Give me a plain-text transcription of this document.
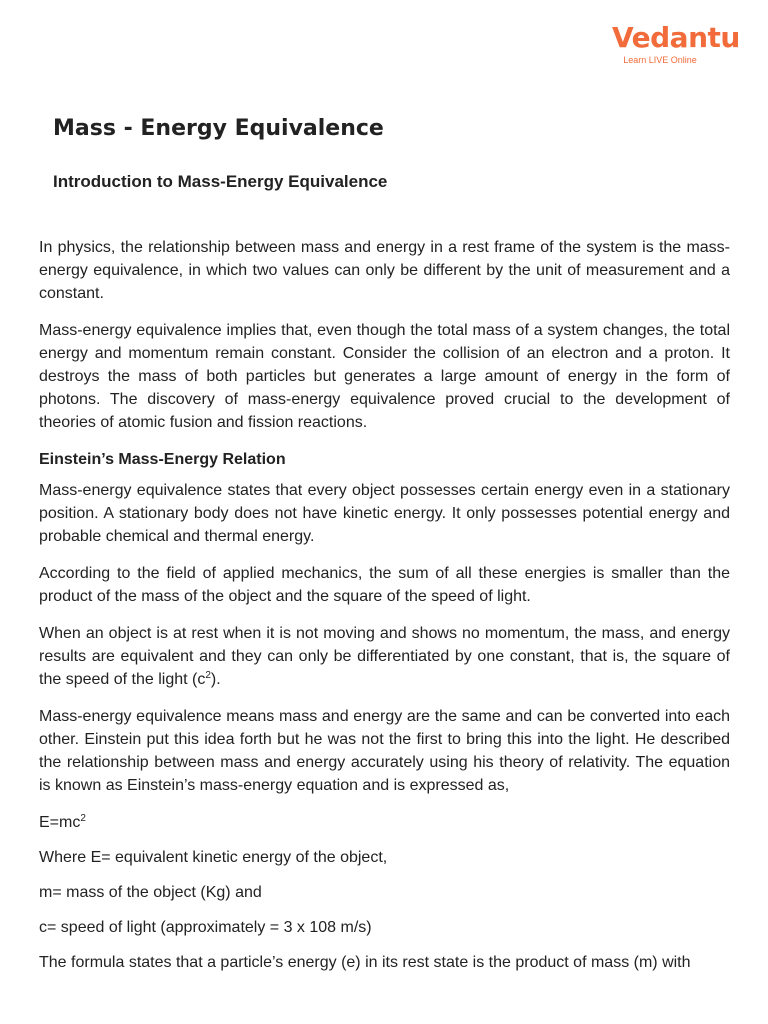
Vedantu
Learn LIVE Online
Mass - Energy Equivalence
Introduction to Mass-Energy Equivalence

In physics, the relationship between mass and energy in a rest frame of the system is the mass-energy equivalence, in which two values can only be different by the unit of measurement and a constant.

Mass-energy equivalence implies that, even though the total mass of a system changes, the total energy and momentum remain constant. Consider the collision of an electron and a proton. It destroys the mass of both particles but generates a large amount of energy in the form of photons. The discovery of mass-energy equivalence proved crucial to the development of theories of atomic fusion and fission reactions.

Einstein’s Mass-Energy Relation

Mass-energy equivalence states that every object possesses certain energy even in a stationary position. A stationary body does not have kinetic energy. It only possesses potential energy and probable chemical and thermal energy.

According to the field of applied mechanics, the sum of all these energies is smaller than the product of the mass of the object and the square of the speed of light.

When an object is at rest when it is not moving and shows no momentum, the mass, and energy results are equivalent and they can only be differentiated by one constant, that is, the square of the speed of the light $(c^2)$.

Mass-energy equivalence means mass and energy are the same and can be converted into each other. Einstein put this idea forth but he was not the first to bring this into the light. He described the relationship between mass and energy accurately using his theory of relativity. The equation is known as Einstein’s mass-energy equation and is expressed as,

$E=mc^2$

Where E= equivalent kinetic energy of the object,

m= mass of the object (Kg) and

c= speed of light (approximately = 3 x 108 m/s)

The formula states that a particle’s energy (e) in its rest state is the product of mass (m) with
